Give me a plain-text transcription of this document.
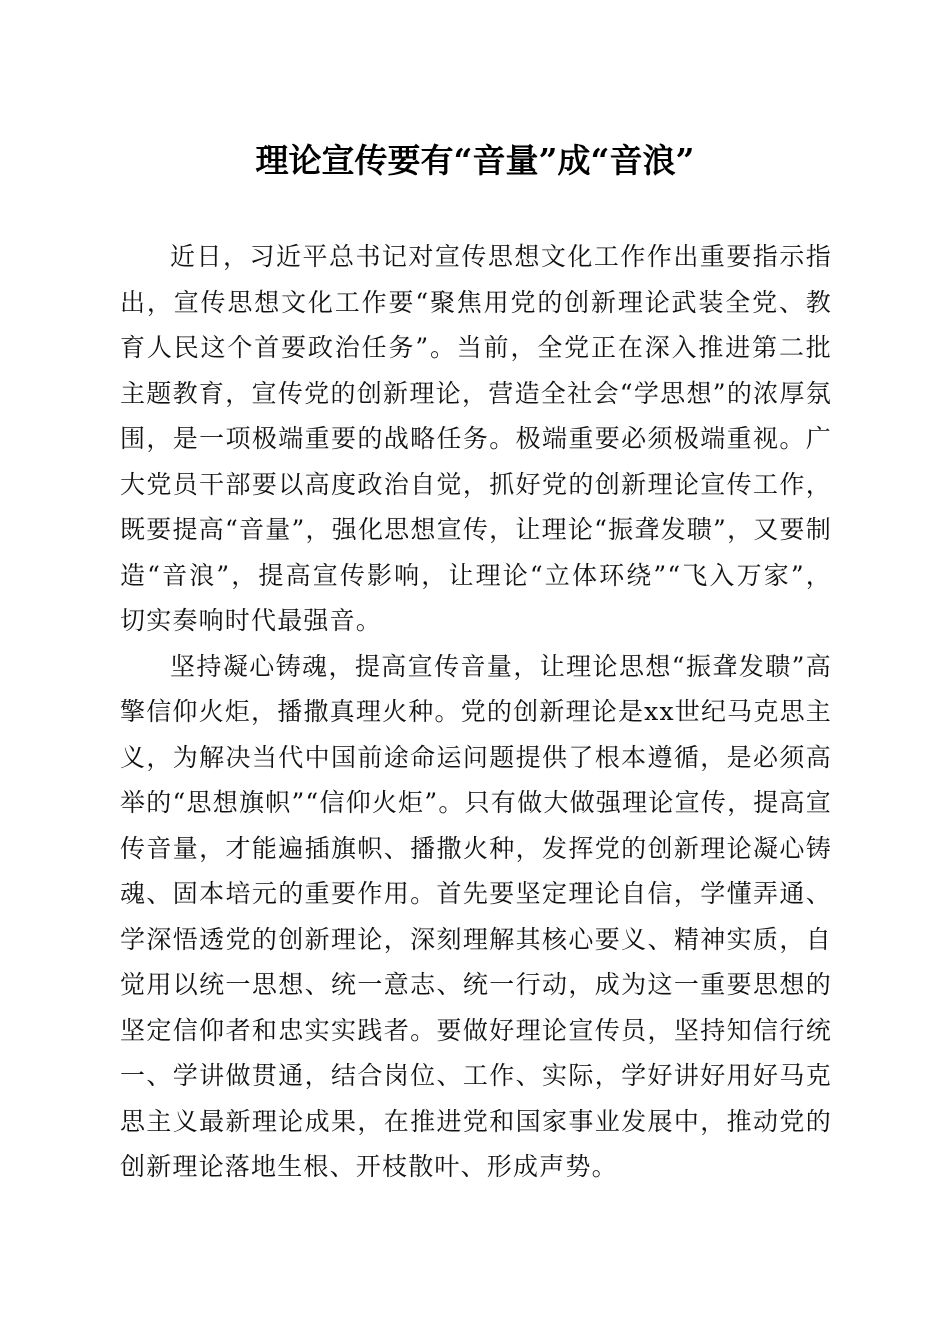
理论宣传要有“音量”成“音浪”

近日，习近平总书记对宣传思想文化工作作出重要指示指出，宣传思想文化工作要“聚焦用党的创新理论武装全党、教育人民这个首要政治任务”。当前，全党正在深入推进第二批主题教育，宣传党的创新理论，营造全社会“学思想”的浓厚氛围，是一项极端重要的战略任务。极端重要必须极端重视。广大党员干部要以高度政治自觉，抓好党的创新理论宣传工作，既要提高“音量”，强化思想宣传，让理论“振聋发聩”，又要制造“音浪”，提高宣传影响，让理论“立体环绕”“飞入万家”，切实奏响时代最强音。

坚持凝心铸魂，提高宣传音量，让理论思想“振聋发聩”高擎信仰火炬，播撒真理火种。党的创新理论是xx世纪马克思主义，为解决当代中国前途命运问题提供了根本遵循，是必须高举的“思想旗帜”“信仰火炬”。只有做大做强理论宣传，提高宣传音量，才能遍插旗帜、播撒火种，发挥党的创新理论凝心铸魂、固本培元的重要作用。首先要坚定理论自信，学懂弄通、学深悟透党的创新理论，深刻理解其核心要义、精神实质，自觉用以统一思想、统一意志、统一行动，成为这一重要思想的坚定信仰者和忠实实践者。要做好理论宣传员，坚持知信行统一、学讲做贯通，结合岗位、工作、实际，学好讲好用好马克思主义最新理论成果，在推进党和国家事业发展中，推动党的创新理论落地生根、开枝散叶、形成声势。
